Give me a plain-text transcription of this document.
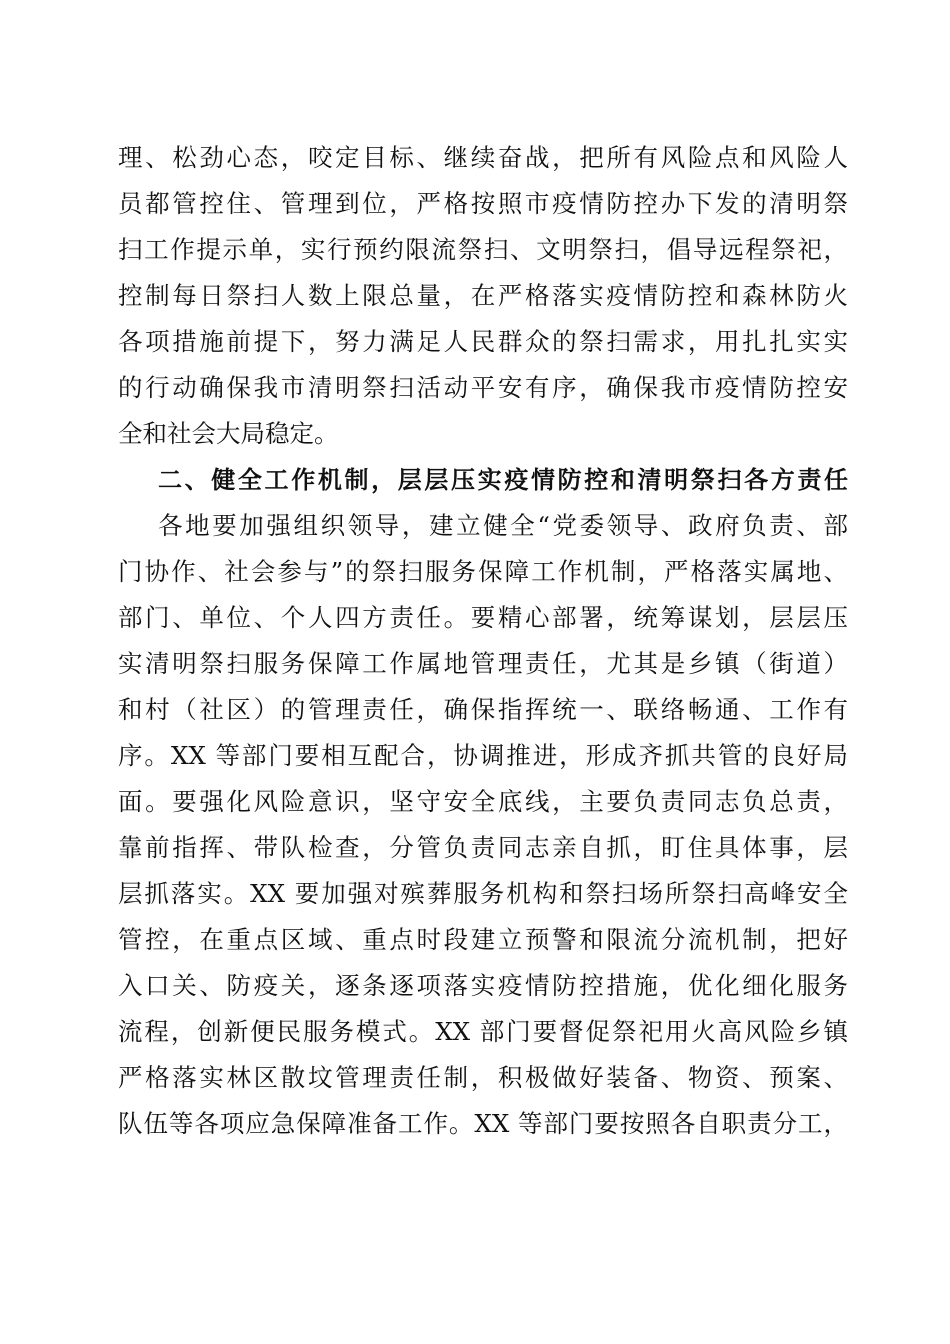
理、松劲心态，咬定目标、继续奋战，把所有风险点和风险人
员都管控住、管理到位，严格按照市疫情防控办下发的清明祭
扫工作提示单，实行预约限流祭扫、文明祭扫，倡导远程祭祀，
控制每日祭扫人数上限总量，在严格落实疫情防控和森林防火
各项措施前提下，努力满足人民群众的祭扫需求，用扎扎实实
的行动确保我市清明祭扫活动平安有序，确保我市疫情防控安
全和社会大局稳定。
二、健全工作机制，层层压实疫情防控和清明祭扫各方责任
各地要加强组织领导，建立健全“党委领导、政府负责、部
门协作、社会参与”的祭扫服务保障工作机制，严格落实属地、
部门、单位、个人四方责任。要精心部署，统筹谋划，层层压
实清明祭扫服务保障工作属地管理责任，尤其是乡镇（街道）
和村（社区）的管理责任，确保指挥统一、联络畅通、工作有
序。XX 等部门要相互配合，协调推进，形成齐抓共管的良好局
面。要强化风险意识，坚守安全底线，主要负责同志负总责，
靠前指挥、带队检查，分管负责同志亲自抓，盯住具体事，层
层抓落实。XX 要加强对殡葬服务机构和祭扫场所祭扫高峰安全
管控，在重点区域、重点时段建立预警和限流分流机制，把好
入口关、防疫关，逐条逐项落实疫情防控措施，优化细化服务
流程，创新便民服务模式。XX 部门要督促祭祀用火高风险乡镇
严格落实林区散坟管理责任制，积极做好装备、物资、预案、
队伍等各项应急保障准备工作。XX 等部门要按照各自职责分工，
